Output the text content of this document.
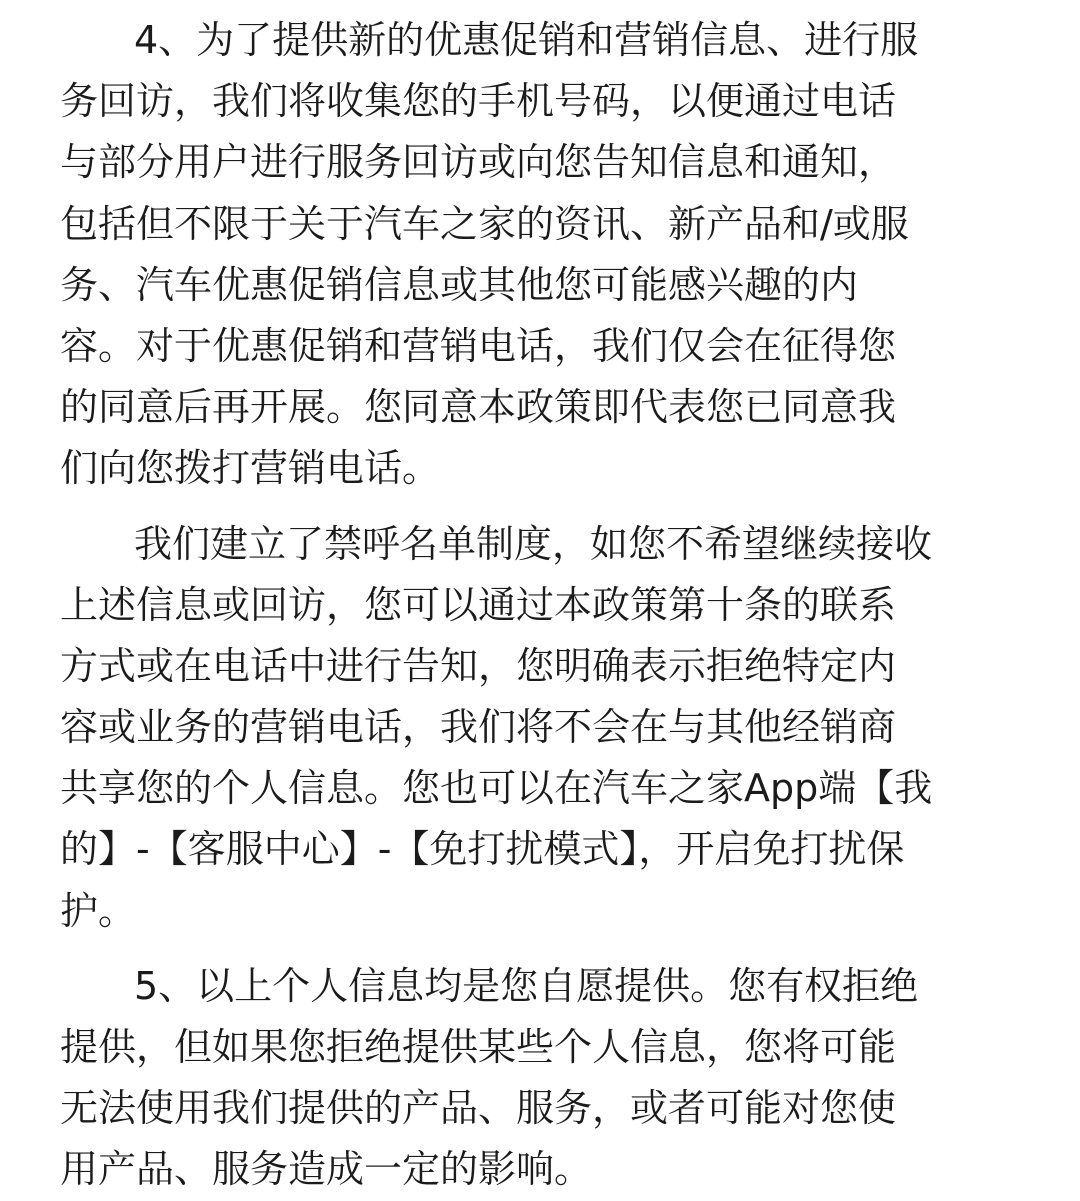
4、为了提供新的优惠促销和营销信息、进行服
务回访，我们将收集您的手机号码，以便通过电话
与部分用户进行服务回访或向您告知信息和通知，
包括但不限于关于汽车之家的资讯、新产品和/或服
务、汽车优惠促销信息或其他您可能感兴趣的内
容。对于优惠促销和营销电话，我们仅会在征得您
的同意后再开展。您同意本政策即代表您已同意我
们向您拨打营销电话。
我们建立了禁呼名单制度，如您不希望继续接收
上述信息或回访，您可以通过本政策第十条的联系
方式或在电话中进行告知，您明确表示拒绝特定内
容或业务的营销电话，我们将不会在与其他经销商
共享您的个人信息。您也可以在汽车之家App端【我
的】-【客服中心】-【免打扰模式】，开启免打扰保
护。
5、以上个人信息均是您自愿提供。您有权拒绝
提供，但如果您拒绝提供某些个人信息，您将可能
无法使用我们提供的产品、服务，或者可能对您使
用产品、服务造成一定的影响。
